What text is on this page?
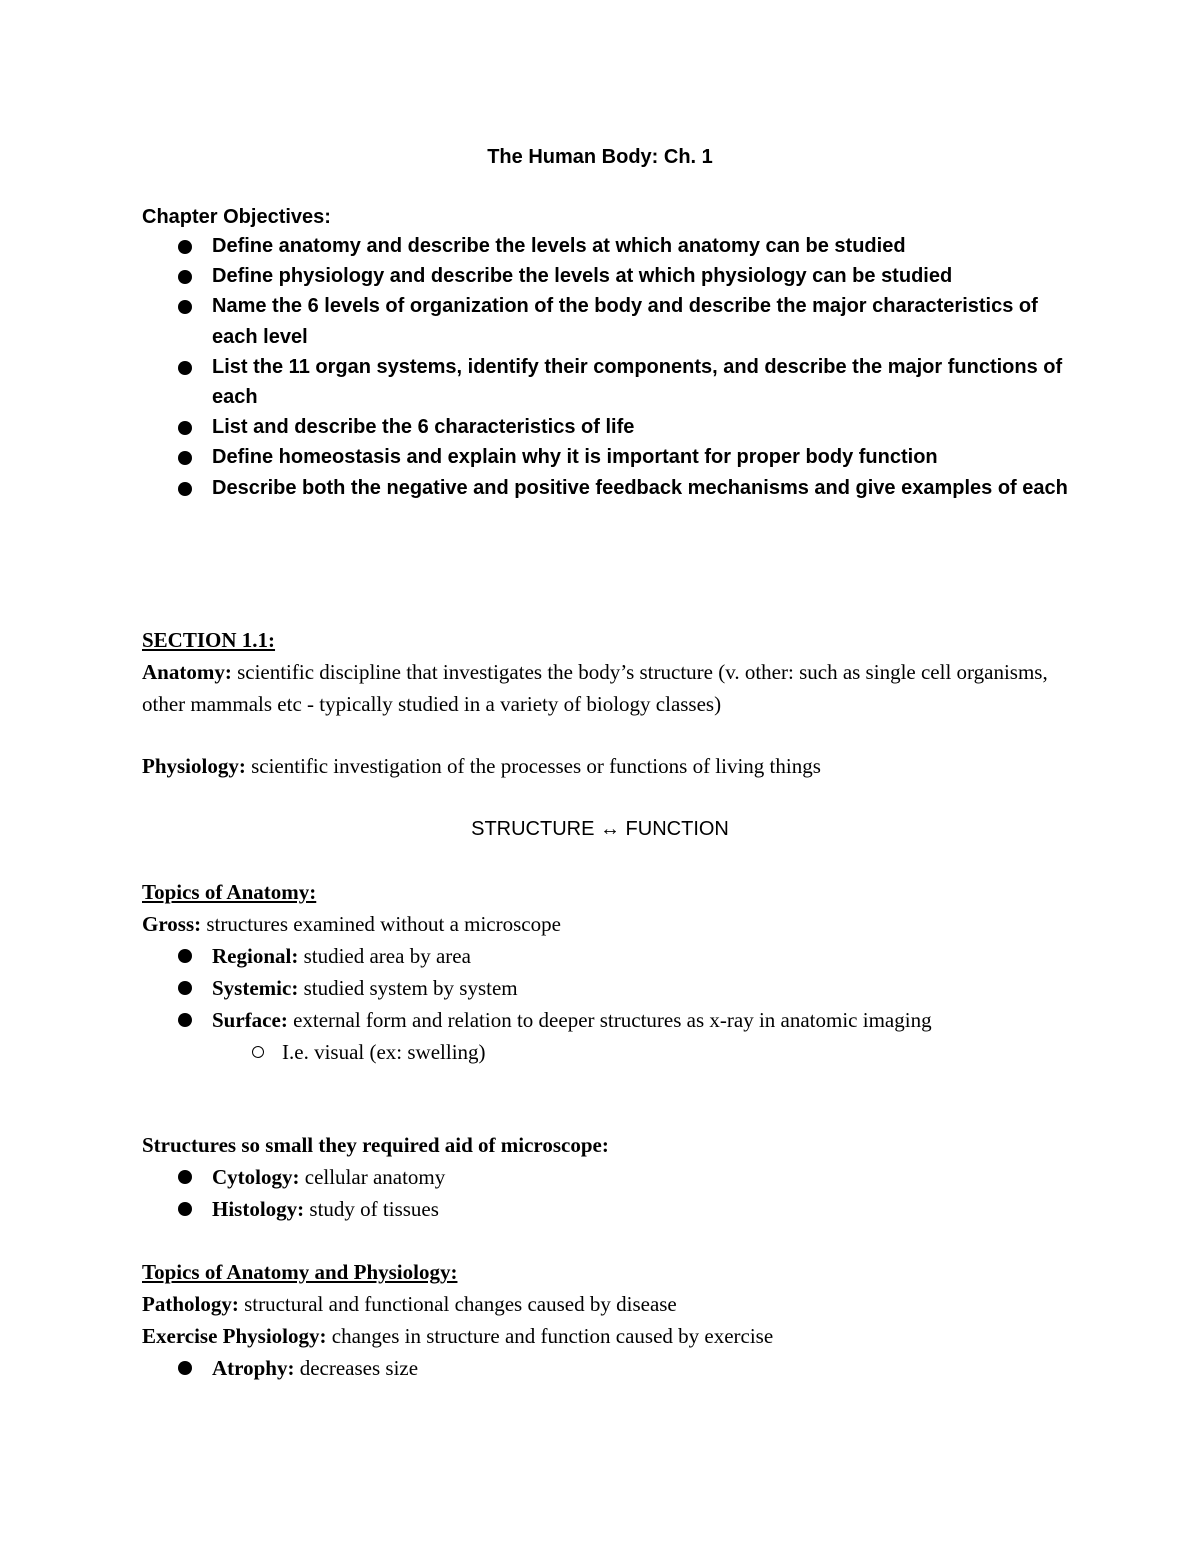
The Human Body: Ch. 1
Chapter Objectives:
Define anatomy and describe the levels at which anatomy can be studied
Define physiology and describe the levels at which physiology can be studied
Name the 6 levels of organization of the body and describe the major characteristics of each level
List the 11 organ systems, identify their components, and describe the major functions of each
List and describe the 6 characteristics of life
Define homeostasis and explain why it is important for proper body function
Describe both the negative and positive feedback mechanisms and give examples of each
SECTION 1.1:
Anatomy: scientific discipline that investigates the body’s structure (v. other: such as single cell organisms, other mammals etc - typically studied in a variety of biology classes)
Physiology: scientific investigation of the processes or functions of living things
STRUCTURE ↔ FUNCTION
Topics of Anatomy:
Gross: structures examined without a microscope
Regional: studied area by area
Systemic: studied system by system
Surface: external form and relation to deeper structures as x-ray in anatomic imaging
I.e. visual (ex: swelling)
Structures so small they required aid of microscope:
Cytology: cellular anatomy
Histology: study of tissues
Topics of Anatomy and Physiology:
Pathology: structural and functional changes caused by disease
Exercise Physiology: changes in structure and function caused by exercise
Atrophy: decreases size
